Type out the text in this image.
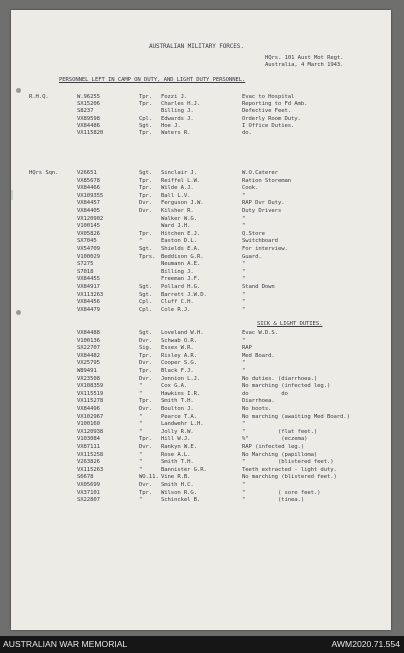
AUSTRALIAN MILITARY FORCES.
HQrs. 101 Aust Mot Regt.
Australia, 4 March 1943.
PERSONNEL LEFT IN CAMP ON DUTY, AND LIGHT DUTY PERSONNEL.
R.H.Q.	W.96255	Tpr. Fozzi J.	Evac to Hospital
SX15206	Tpr. Charles H.J.	Reporting to Fd Amb.
S8237	Billing J.	Defective Feet.
VX89598	Cpl. Edwards J.	Orderly Room Duty.
VX84486	Sgt. Hoe J.	I Office Duties.
VX115820	Tpr. Waters R.	do.
HQrs Sqn.	V26651	Sgt. Sinclair J.	W.O.Caterer
VX85678	Tpr. Reiffel L.W.	Ration Storeman
VX84466	Tpr. Wilde A.J.	Cook.
VX109355	Tpr. Ball L.V.	"
VX84457	Dvr. Ferguson J.W.	RAP Dvr Duty.
VX84405	Dvr. Kilsher R.	Duty Drivers
VX120902	Walker W.G.	"
V100145	Ward J.H.	"
VX05826	Tpr. Hitchen E.J.	Q.Store
SX7045	"	Easton D.L.	Switchboard
VX54709	Sgt. Shields E.A.	For interview.
V100029	Tprs. Beddison G.R.	Guard.
S7275	Neumann A.E.	"
S7018	Billing J.	"
VX84455	Freeman J.F.	"
VX84917	Sgt. Pollard H.G.	Stand Down
VX113263	Sgt. Barrett J.W.D.	"
VX84456	Cpl. Cluff C.H.	"
VX84479	Cpl. Cole R.J.	"
SICK & LIGHT DUTIES.
VX84488	Sgt. Loveland W.H.	Evac W.D.S.
V100136	Dvr. Schwab O.R.	"
SX22707	Sig. Essex W.R.	RAP
VX84482	Tpr. Risley A.R.	Med Board.
VX25795	Dvr. Cooper S.G.	"
W89491	Tpr. Black F.J.	"
VX23508	Dvr. Jennion L.J.	No duties. (diarrhoea.)
VX108359	"	Cox G.A.	No marching (infected leg.)
VX115519	"	Hawkins I.R.	do          do
VX115278	Tpr. Smith T.H.	Diarrhoea.
VX84496	Dvr. Boulton J.	No boots.
VX102967	"	Pearce T.A.	No marching (awaiting Med Board.)
V100160	"	Landwehr L.H.	"
VX120938	"	Jolly R.W.	"          (flat feet.)
V103084	Tpr. Hill W.J.	%"          (eczema)
VX87111	Dvr. Rankyn W.E.	RAP (infected leg.)
VX115258	"	Rose A.L.	No Marching (papilloma)
V263826	"	Smith T.H.	"          (blistered feet.)
VX115263	"	Bannister G.R.	Teeth extracted - light duty.
S6678	WO.11. Vine R.B.	No marching (blistered feet.)
VX05699	Dvr. Smith H.C.	"
VX37101	Tpr. Wilson R.G.	"          ( sore feet.)
SX22807	"	Schinckel B.	"          (tinea.)
AUSTRALIAN WAR MEMORIAL	AWM2020.71.554
